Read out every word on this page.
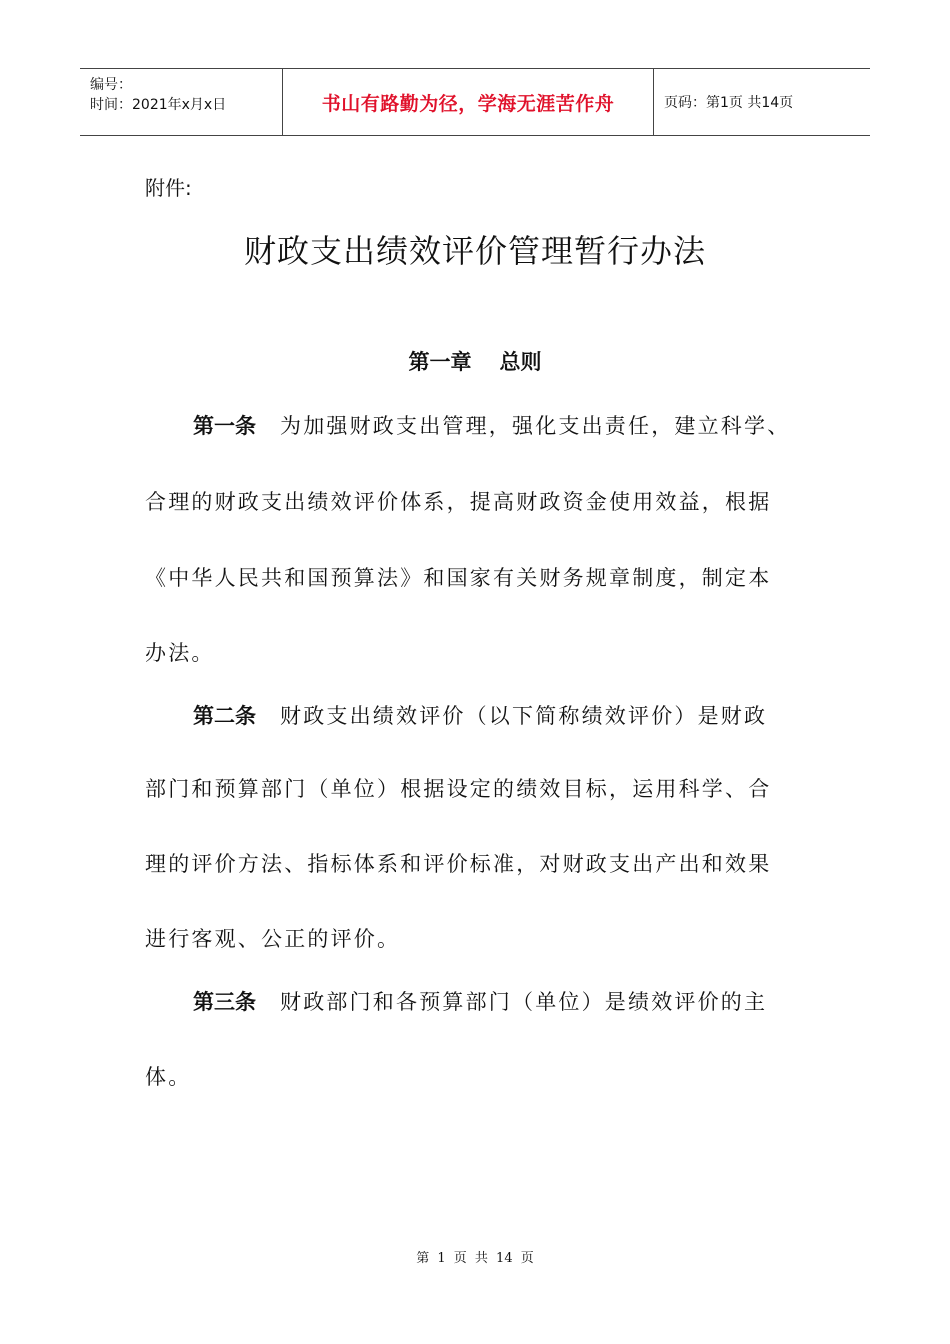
编号：
时间：2021年x月x日	书山有路勤为径，学海无涯苦作舟	页码：第1页 共14页
附件:
财政支出绩效评价管理暂行办法
第一章 总则
第一条 为加强财政支出管理，强化支出责任，建立科学、
合理的财政支出绩效评价体系，提高财政资金使用效益，根据
《中华人民共和国预算法》和国家有关财务规章制度，制定本
办法。
第二条 财政支出绩效评价（以下简称绩效评价）是财政
部门和预算部门（单位）根据设定的绩效目标，运用科学、合
理的评价方法、指标体系和评价标准，对财政支出产出和效果
进行客观、公正的评价。
第三条 财政部门和各预算部门（单位）是绩效评价的主
体。
第 1 页 共 14 页
